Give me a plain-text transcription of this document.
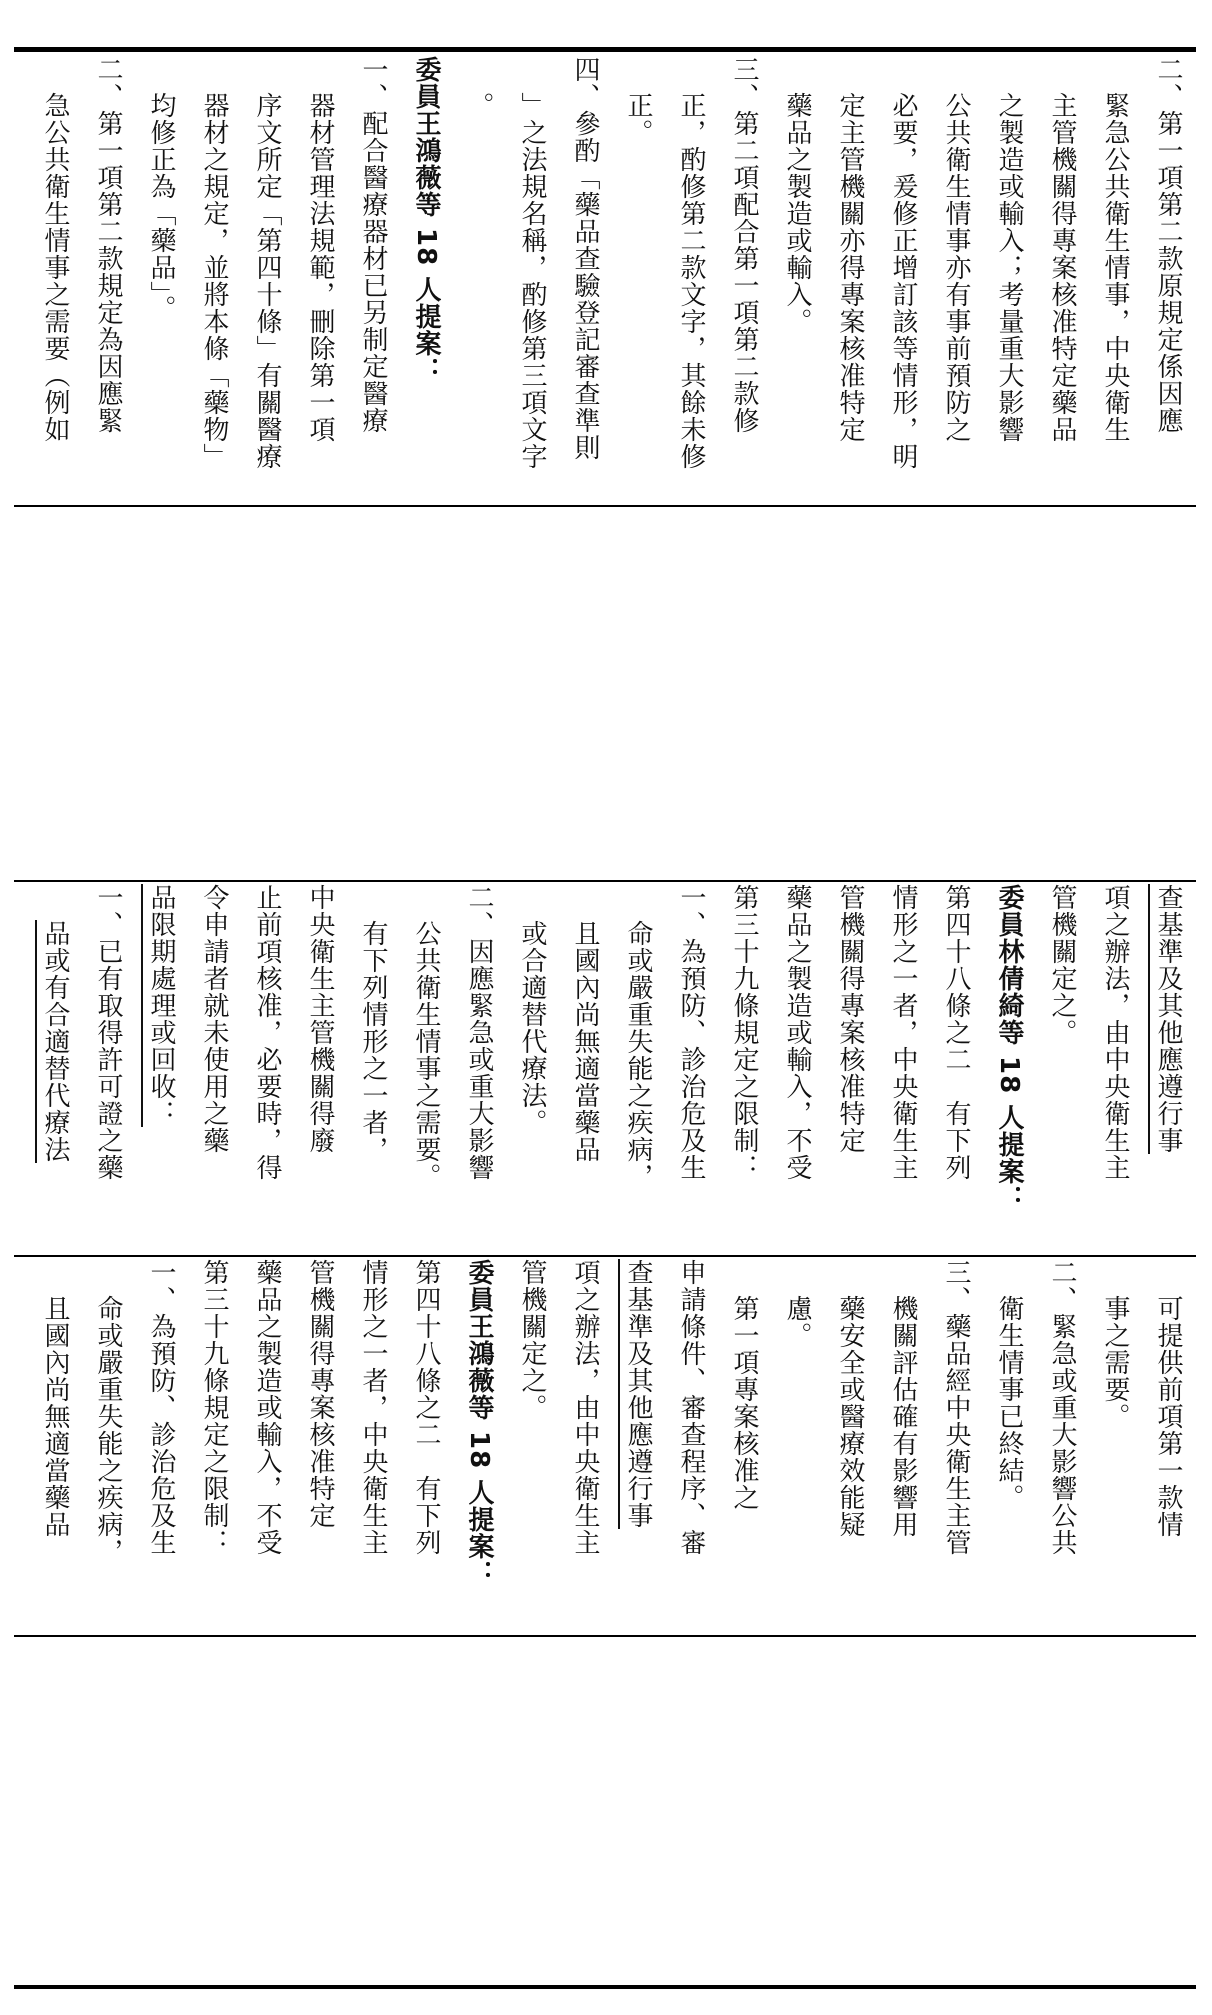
二、第一項第二款原規定係因應

緊急公共衛生情事，中央衛生

主管機關得專案核准特定藥品

之製造或輸入；考量重大影響

公共衛生情事亦有事前預防之

必要，爰修正增訂該等情形，明

定主管機關亦得專案核准特定

藥品之製造或輸入。

三、第二項配合第一項第二款修

正，酌修第二款文字，其餘未修

正。

四、參酌「藥品查驗登記審查準則

」之法規名稱，酌修第三項文字

。

委員王鴻薇等 18 人提案：

一、配合醫療器材已另制定醫療

器材管理法規範，刪除第一項

序文所定「第四十條」有關醫療

器材之規定，並將本條「藥物」

均修正為「藥品」。

二、第一項第二款規定為因應緊

急公共衛生情事之需要（例如

查基準及其他應遵行事

項之辦法，由中央衛生主

管機關定之。

委員林倩綺等 18 人提案：

第四十八條之二　有下列

情形之一者，中央衛生主

管機關得專案核准特定

藥品之製造或輸入，不受

第三十九條規定之限制：

一、為預防、診治危及生

命或嚴重失能之疾病，

且國內尚無適當藥品

或合適替代療法。

二、因應緊急或重大影響

公共衛生情事之需要。

有下列情形之一者，

中央衛生主管機關得廢

止前項核准，必要時，得

令申請者就未使用之藥

品限期處理或回收：

一、已有取得許可證之藥

品或有合適替代療法

可提供前項第一款情

事之需要。

二、緊急或重大影響公共

衛生情事已終結。

三、藥品經中央衛生主管

機關評估確有影響用

藥安全或醫療效能疑

慮。

第一項專案核准之

申請條件、審查程序、審

查基準及其他應遵行事

項之辦法，由中央衛生主

管機關定之。

委員王鴻薇等 18 人提案：

第四十八條之二　有下列

情形之一者，中央衛生主

管機關得專案核准特定

藥品之製造或輸入，不受

第三十九條規定之限制：

一、為預防、診治危及生

命或嚴重失能之疾病，

且國內尚無適當藥品
